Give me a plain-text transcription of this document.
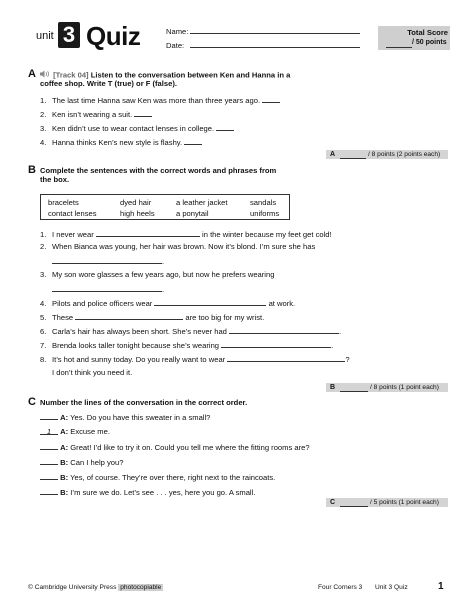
unit 3 Quiz	Name:
Date:
Total Score
/ 50 points
A	[Track 04] Listen to the conversation between Ken and Hanna in a
coffee shop. Write T (true) or F (false).
1. The last time Hanna saw Ken was more than three years ago.
2. Ken isn’t wearing a suit.
3. Ken didn’t use to wear contact lenses in college.
4. Hanna thinks Ken’s new style is flashy.
A	/ 8 points (2 points each)
B Complete the sentences with the correct words and phrases from
the box.
bracelets	dyed hair	a leather jacket	sandals
contact lenses	high heels	a ponytail	uniforms
1. I never wear	in the winter because my feet get cold!
2. When Bianca was young, her hair was brown. Now it’s blond. I’m sure she has
.
3. My son wore glasses a few years ago, but now he prefers wearing
.
4. Pilots and police officers wear	at work.
5. These	are too big for my wrist.
6. Carla’s hair has always been short. She’s never had	.
7. Brenda looks taller tonight because she’s wearing	.
8. It’s hot and sunny today. Do you really want to wear	?
I don’t think you need it.
B	/ 8 points (1 point each)
C Number the lines of the conversation in the correct order.
A: Yes. Do you have this sweater in a small?
1 A: Excuse me.
A: Great! I’d like to try it on. Could you tell me where the fitting rooms are?
B: Can I help you?
B: Yes, of course. They’re over there, right next to the raincoats.
B: I’m sure we do. Let’s see . . . yes, here you go. A small.
C	/ 5 points (1 point each)
© Cambridge University Press photocopiable	Four Corners 3 Unit 3 Quiz	1
